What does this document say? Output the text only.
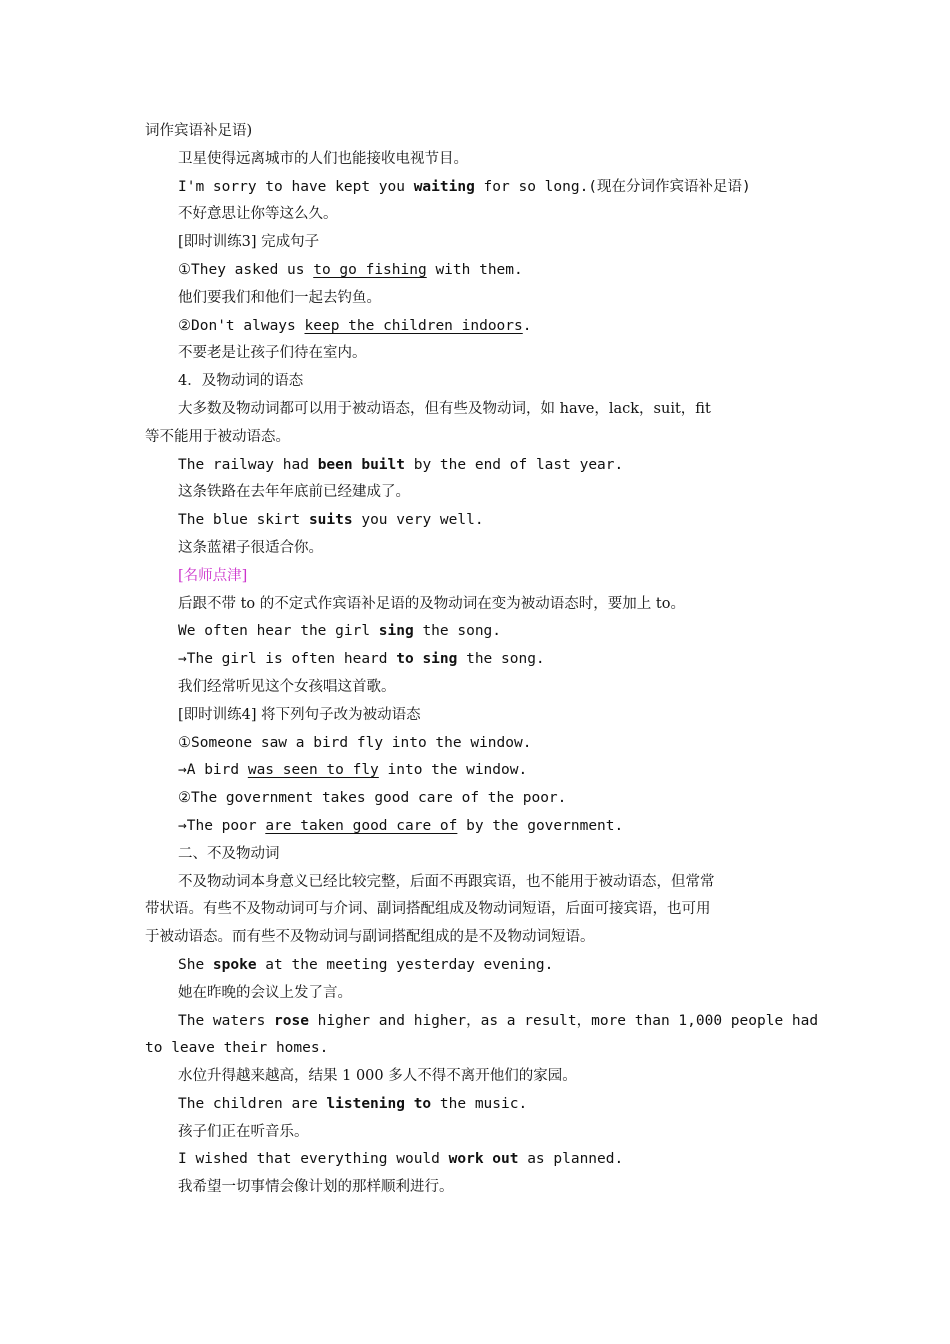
词作宾语补足语)
卫星使得远离城市的人们也能接收电视节目。
I'm sorry to have kept you waiting for so long.(现在分词作宾语补足语)
不好意思让你等这么久。
[即时训练3] 完成句子
①They asked us to go fishing with them.
他们要我们和他们一起去钓鱼。
②Don't always keep the children indoors.
不要老是让孩子们待在室内。
4．及物动词的语态
大多数及物动词都可以用于被动语态，但有些及物动词，如 have，lack，suit，fit
等不能用于被动语态。
The railway had been built by the end of last year.
这条铁路在去年年底前已经建成了。
The blue skirt suits you very well.
这条蓝裙子很适合你。
[名师点津]
后跟不带 to 的不定式作宾语补足语的及物动词在变为被动语态时，要加上 to。
We often hear the girl sing the song.
→The girl is often heard to sing the song.
我们经常听见这个女孩唱这首歌。
[即时训练4] 将下列句子改为被动语态
①Someone saw a bird fly into the window.
→A bird was seen to fly into the window.
②The government takes good care of the poor.
→The poor are taken good care of by the government.
二、不及物动词
不及物动词本身意义已经比较完整，后面不再跟宾语，也不能用于被动语态，但常常
带状语。有些不及物动词可与介词、副词搭配组成及物动词短语，后面可接宾语，也可用
于被动语态。而有些不及物动词与副词搭配组成的是不及物动词短语。
She spoke at the meeting yesterday evening.
她在昨晚的会议上发了言。
The waters rose higher and higher，as a result，more than 1,000 people had
to leave their homes.
水位升得越来越高，结果 1 000 多人不得不离开他们的家园。
The children are listening to the music.
孩子们正在听音乐。
I wished that everything would work out as planned.
我希望一切事情会像计划的那样顺利进行。
